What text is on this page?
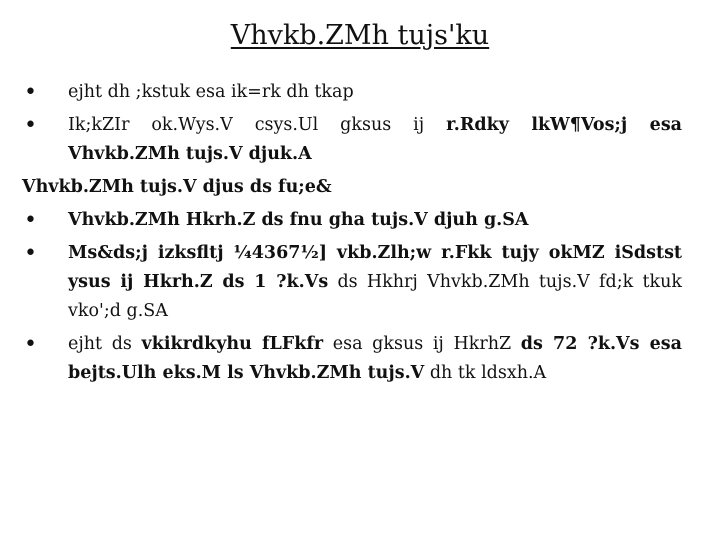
Vhvkb.ZMh tujs'ku
• ejht dh ;kstuk esa ik=rk dh tkap
• Ik;kZIr ok.Wys.V csys.Ul gksus ij r.Rdky lkW¶Vos;j esa Vhvkb.ZMh tujs.V djuk.A
Vhvkb.ZMh tujs.V djus ds fu;e&
• Vhvkb.ZMh Hkrh.Z ds fnu gha tujs.V djuh g.SA
• Ms&ds;j izksfltj ¼4367½] vkb.Zlh;w r.Fkk tujy okMZ iSdstst ysus ij Hkrh.Z ds 1 ?k.Vs ds Hkhrj Vhvkb.ZMh tujs.V fd;k tkuk vko';d g.SA
• ejht ds vkikrdkyhu fLFkfr esa gksus ij HkrhZ ds 72 ?k.Vs esa bejts.Ulh eks.M ls Vhvkb.ZMh tujs.V dh tk ldsxh.A
